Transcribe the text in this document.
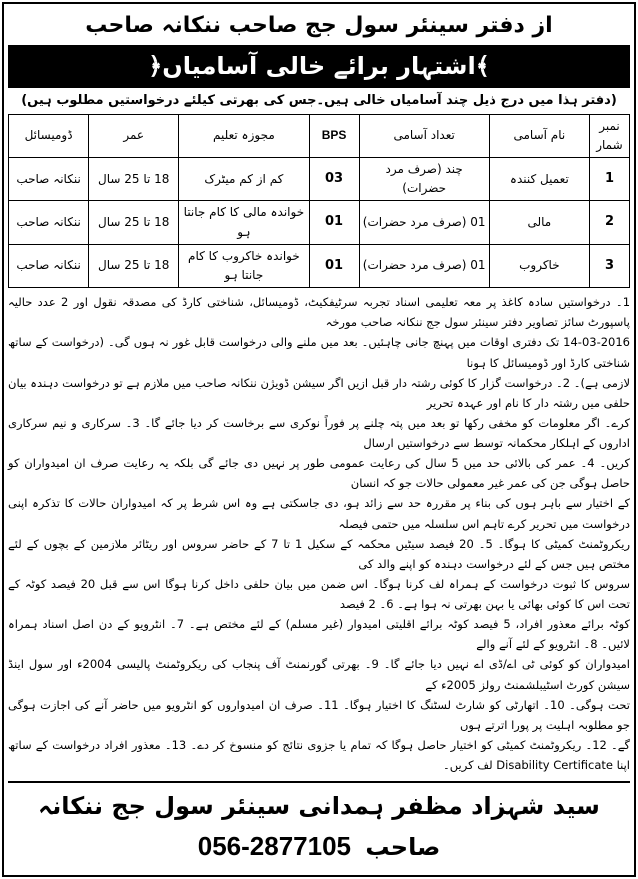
از دفتر سینئر سول جج صاحب ننکانہ صاحب
﴾اشتہار برائے خالی آسامیاں﴿
(دفتر ہذا میں درج ذیل چند آسامیاں خالی ہیں۔جس کی بھرتی کیلئے درخواستیں مطلوب ہیں)
نمبر شمار	نام آسامی	تعداد آسامی	BPS	مجوزہ تعلیم	عمر	ڈومیسائل
1	تعمیل کنندہ	چند (صرف مرد حضرات)	03	کم از کم میٹرک	18 تا 25 سال	ننکانہ صاحب
2	مالی	01 (صرف مرد حضرات)	01	خواندہ مالی کا کام جانتا ہو	18 تا 25 سال	ننکانہ صاحب
3	خاکروب	01 (صرف مرد حضرات)	01	خواندہ خاکروب کا کام جانتا ہو	18 تا 25 سال	ننکانہ صاحب
1۔ درخواستیں سادہ کاغذ پر معہ تعلیمی اسناد تجربہ سرٹیفکیٹ، ڈومیسائل، شناختی کارڈ کی مصدقہ نقول اور 2 عدد حالیہ پاسپورٹ سائز تصاویر دفتر سینئر سول جج ننکانہ صاحب مورخہ
14-03-2016 تک دفتری اوقات میں پہنچ جانی چاہئیں۔ بعد میں ملنے والی درخواست قابل غور نہ ہوں گی۔ (درخواست کے ساتھ شناختی کارڈ اور ڈومیسائل کا ہونا
لازمی ہے)۔ 2۔ درخواست گزار کا کوئی رشتہ دار قبل ازیں اگر سیشن ڈویژن ننکانہ صاحب میں ملازم ہے تو درخواست دہندہ بیان حلفی میں رشتہ دار کا نام اور عہدہ تحریر
کرے۔ اگر معلومات کو مخفی رکھا تو بعد میں پتہ چلنے پر فوراً نوکری سے برخاست کر دیا جائے گا۔ 3۔ سرکاری و نیم سرکاری اداروں کے اہلکار محکمانہ توسط سے درخواستیں ارسال
کریں۔ 4۔ عمر کی بالائی حد میں 5 سال کی رعایت عمومی طور پر نہیں دی جائے گی بلکہ یہ رعایت صرف ان امیدواران کو حاصل ہوگی جن کی عمر غیر معمولی حالات جو کہ انسان
کے اختیار سے باہر ہوں کی بناء پر مقررہ حد سے زائد ہو، دی جاسکتی ہے وہ اس شرط پر کہ امیدواران حالات کا تذکرہ اپنی درخواست میں تحریر کرے تاہم اس سلسلہ میں حتمی فیصلہ
ریکروٹمنٹ کمیٹی کا ہوگا۔ 5۔ 20 فیصد سیٹیں محکمہ کے سکیل 1 تا 7 کے حاضر سروس اور ریٹائر ملازمین کے بچوں کے لئے مختص ہیں جس کے لئے درخواست دہندہ کو اپنے والد کی
سروس کا ثبوت درخواست کے ہمراہ لف کرنا ہوگا۔ اس ضمن میں بیان حلفی داخل کرنا ہوگا اس سے قبل 20 فیصد کوٹہ کے تحت اس کا کوئی بھائی یا بہن بھرتی نہ ہوا ہے۔ 6۔ 2 فیصد
کوٹہ برائے معذور افراد، 5 فیصد کوٹہ برائے اقلیتی امیدوار (غیر مسلم) کے لئے مختص ہے۔ 7۔ انٹرویو کے دن اصل اسناد ہمراہ لائیں۔ 8۔ انٹرویو کے لئے آنے والے
امیدواران کو کوئی ٹی اے/ڈی اے نہیں دیا جائے گا۔ 9۔ بھرتی گورنمنٹ آف پنجاب کی ریکروٹمنٹ پالیسی 2004ء اور سول اینڈ سیشن کورٹ اسٹیبلشمنٹ رولز 2005ء کے
تحت ہوگی۔ 10۔ اتھارٹی کو شارٹ لسٹنگ کا اختیار ہوگا۔ 11۔ صرف ان امیدواروں کو انٹرویو میں حاضر آنے کی اجازت ہوگی جو مطلوبہ اہلیت پر پورا اترتے ہوں
گے۔ 12۔ ریکروٹمنٹ کمیٹی کو اختیار حاصل ہوگا کہ تمام یا جزوی نتائج کو منسوخ کر دے۔ 13۔ معذور افراد درخواست کے ساتھ اپنا Disability Certificate لف کریں۔
سید شہزاد مظفر ہمدانی سینئر سول جج ننکانہ صاحب 056-2877105
